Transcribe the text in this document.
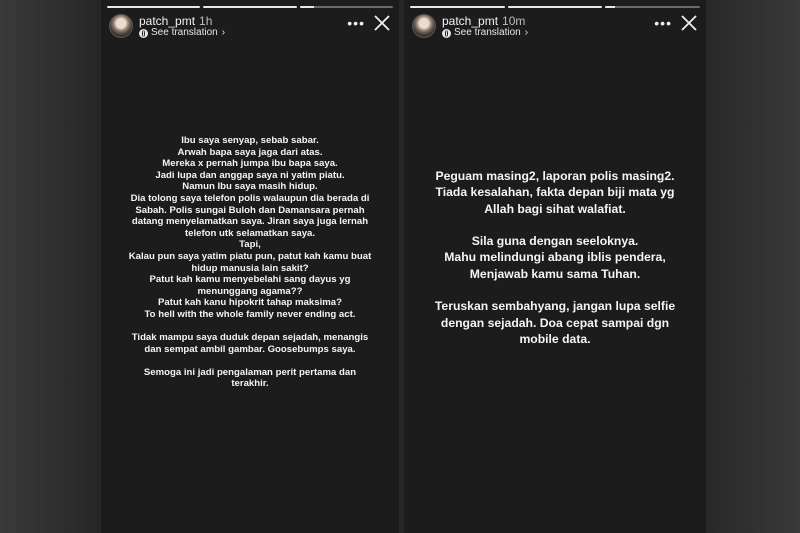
patch_pmt 1h
See translation ›
•••
Ibu saya senyap, sebab sabar.
Arwah bapa saya jaga dari atas.
Mereka x pernah jumpa ibu bapa saya.
Jadi lupa dan anggap saya ni yatim piatu.
Namun Ibu saya masih hidup.
Dia tolong saya telefon polis walaupun dia berada di
Sabah. Polis sungai Buloh dan Damansara pernah
datang menyelamatkan saya. Jiran saya juga lernah
telefon utk selamatkan saya.
Tapi,
Kalau pun saya yatim piatu pun, patut kah kamu buat
hidup manusia lain sakit?
Patut kah kamu menyebelahi sang dayus yg
menunggang agama??
Patut kah kanu hipokrit tahap maksima?
To hell with the whole family never ending act.
Tidak mampu saya duduk depan sejadah, menangis
dan sempat ambil gambar. Goosebumps saya.
Semoga ini jadi pengalaman perit pertama dan
terakhir.
patch_pmt 10m
See translation ›
•••
Peguam masing2, laporan polis masing2.
Tiada kesalahan, fakta depan biji mata yg
Allah bagi sihat walafiat.
Sila guna dengan seeloknya.
Mahu melindungi abang iblis pendera,
Menjawab kamu sama Tuhan.
Teruskan sembahyang, jangan lupa selfie
dengan sejadah. Doa cepat sampai dgn
mobile data.
